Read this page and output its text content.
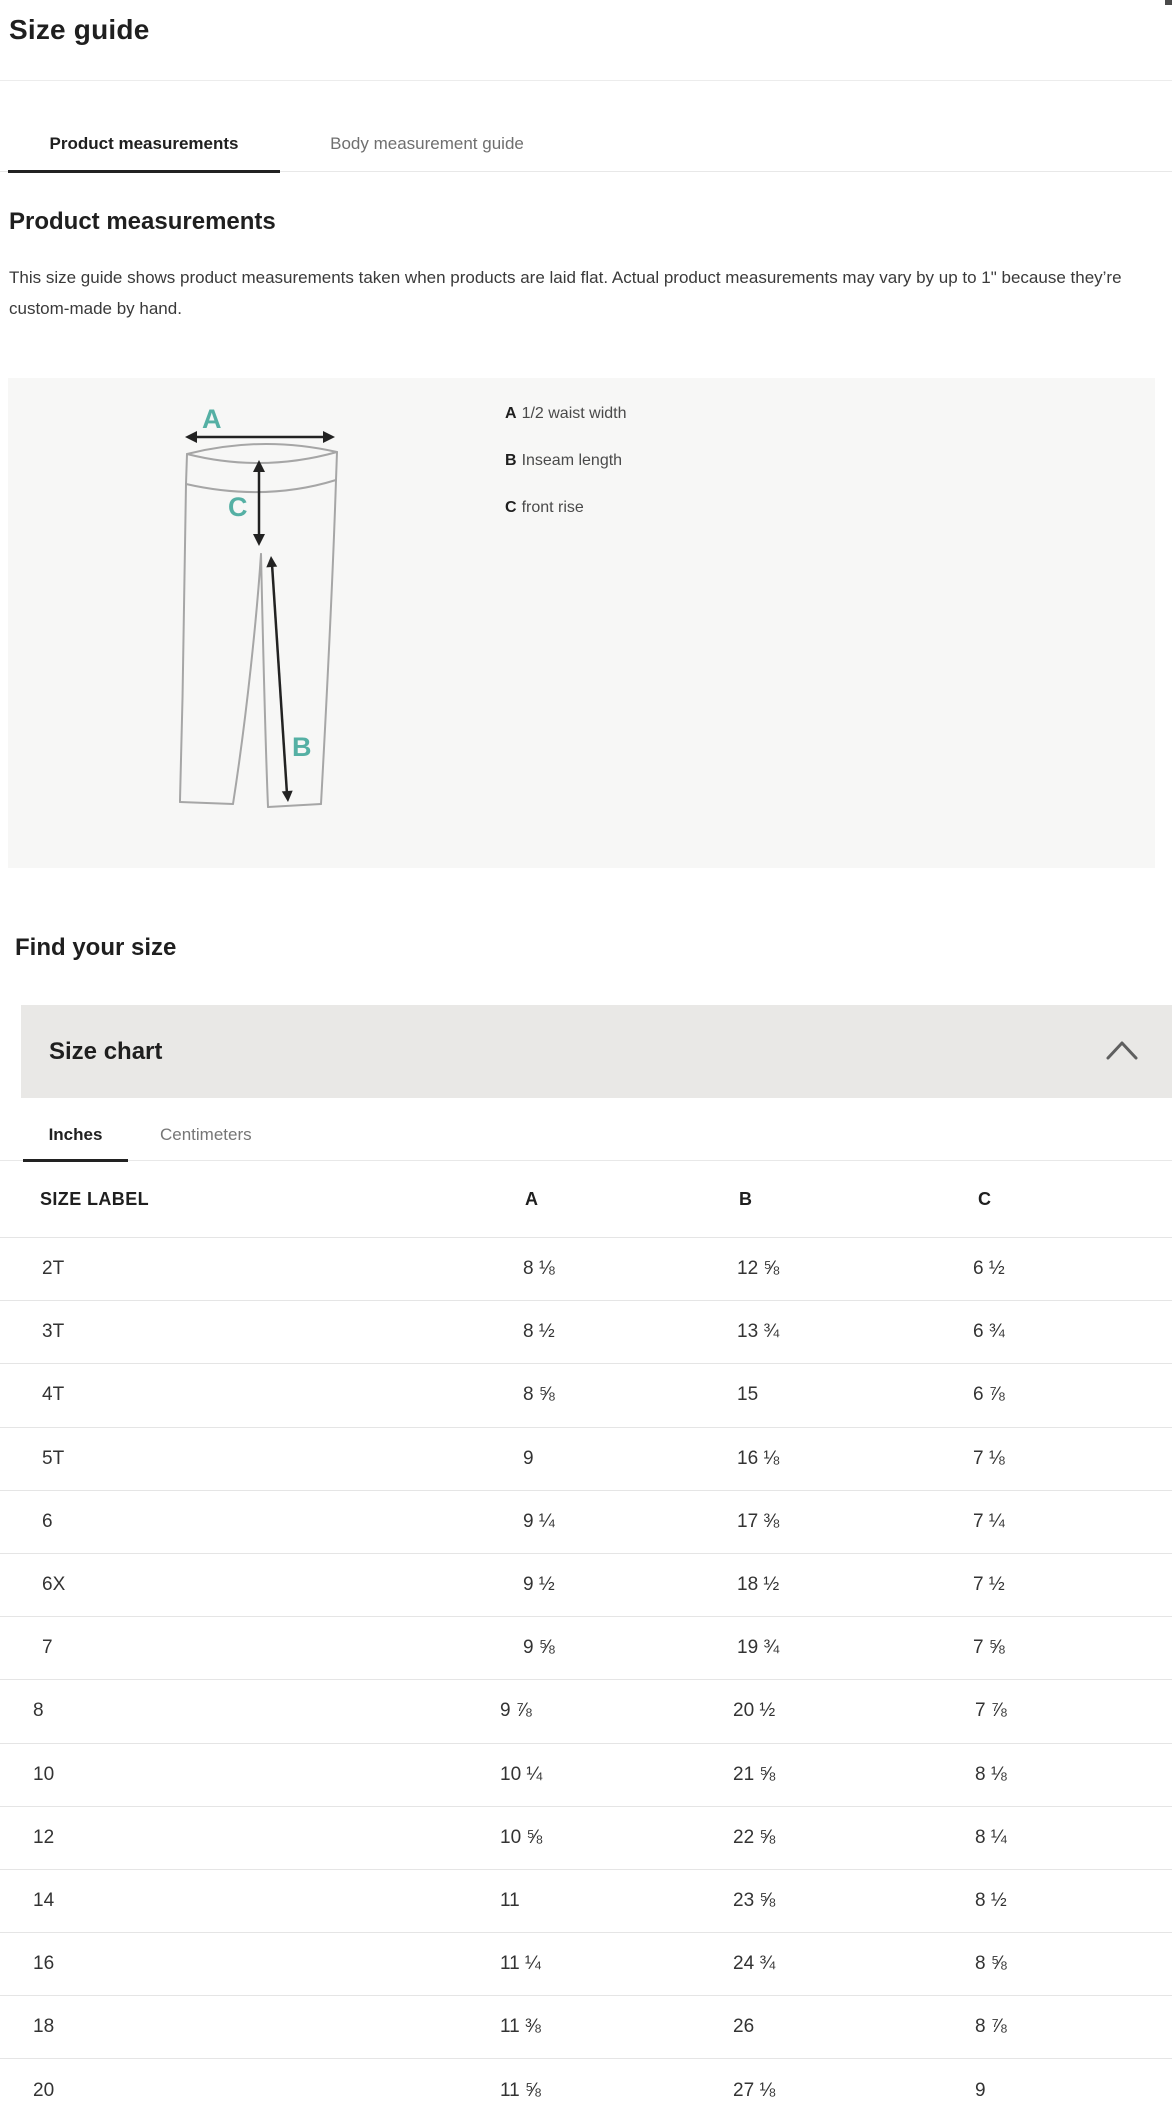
Size guide
Product measurements	Body measurement guide
Product measurements

This size guide shows product measurements taken when products are laid flat. Actual product measurements may vary by up to 1" because they’re custom-made by hand.

A
C
B
A 1/2 waist width
B Inseam length
C front rise
Find your size
Size chart
Inches	Centimeters
SIZE LABEL	A	B	C
2T	8 ⅛	12 ⅝	6 ½
3T	8 ½	13 ¾	6 ¾
4T	8 ⅝	15	6 ⅞
5T	9	16 ⅛	7 ⅛
6	9 ¼	17 ⅜	7 ¼
6X	9 ½	18 ½	7 ½
7	9 ⅝	19 ¾	7 ⅝
8	9 ⅞	20 ½	7 ⅞
10	10 ¼	21 ⅝	8 ⅛
12	10 ⅝	22 ⅝	8 ¼
14	11	23 ⅝	8 ½
16	11 ¼	24 ¾	8 ⅝
18	11 ⅜	26	8 ⅞
20	11 ⅝	27 ⅛	9
